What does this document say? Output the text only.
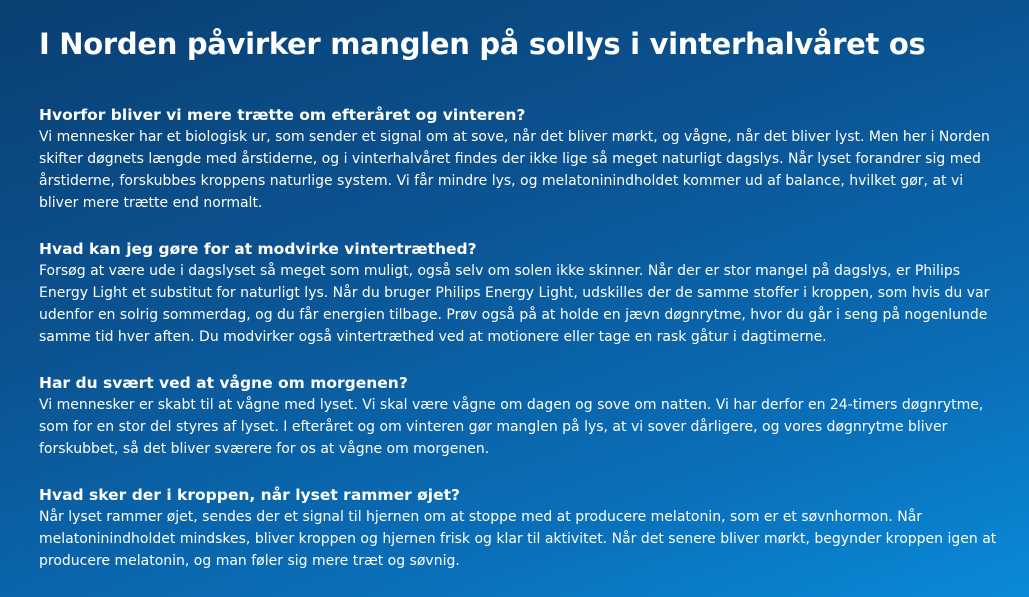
I Norden påvirker manglen på sollys i vinterhalvåret os
Hvorfor bliver vi mere trætte om efteråret og vinteren?

Vi mennesker har et biologisk ur, som sender et signal om at sove, når det bliver mørkt, og vågne, når det bliver lyst. Men her i Norden skifter døgnets længde med årstiderne, og i vinterhalvåret findes der ikke lige så meget naturligt dagslys. Når lyset forandrer sig med årstiderne, forskubbes kroppens naturlige system. Vi får mindre lys, og melatoninindholdet kommer ud af balance, hvilket gør, at vi bliver mere trætte end normalt.

Hvad kan jeg gøre for at modvirke vintertræthed?

Forsøg at være ude i dagslyset så meget som muligt, også selv om solen ikke skinner. Når der er stor mangel på dagslys, er Philips Energy Light et substitut for naturligt lys. Når du bruger Philips Energy Light, udskilles der de samme stoffer i kroppen, som hvis du var udenfor en solrig sommerdag, og du får energien tilbage. Prøv også på at holde en jævn døgnrytme, hvor du går i seng på nogenlunde samme tid hver aften. Du modvirker også vintertræthed ved at motionere eller tage en rask gåtur i dagtimerne.

Har du svært ved at vågne om morgenen?

Vi mennesker er skabt til at vågne med lyset. Vi skal være vågne om dagen og sove om natten. Vi har derfor en 24-timers døgnrytme, som for en stor del styres af lyset. I efteråret og om vinteren gør manglen på lys, at vi sover dårligere, og vores døgnrytme bliver forskubbet, så det bliver sværere for os at vågne om morgenen.

Hvad sker der i kroppen, når lyset rammer øjet?

Når lyset rammer øjet, sendes der et signal til hjernen om at stoppe med at producere melatonin, som er et søvnhormon. Når melatoninindholdet mindskes, bliver kroppen og hjernen frisk og klar til aktivitet. Når det senere bliver mørkt, begynder kroppen igen at producere melatonin, og man føler sig mere træt og søvnig.
